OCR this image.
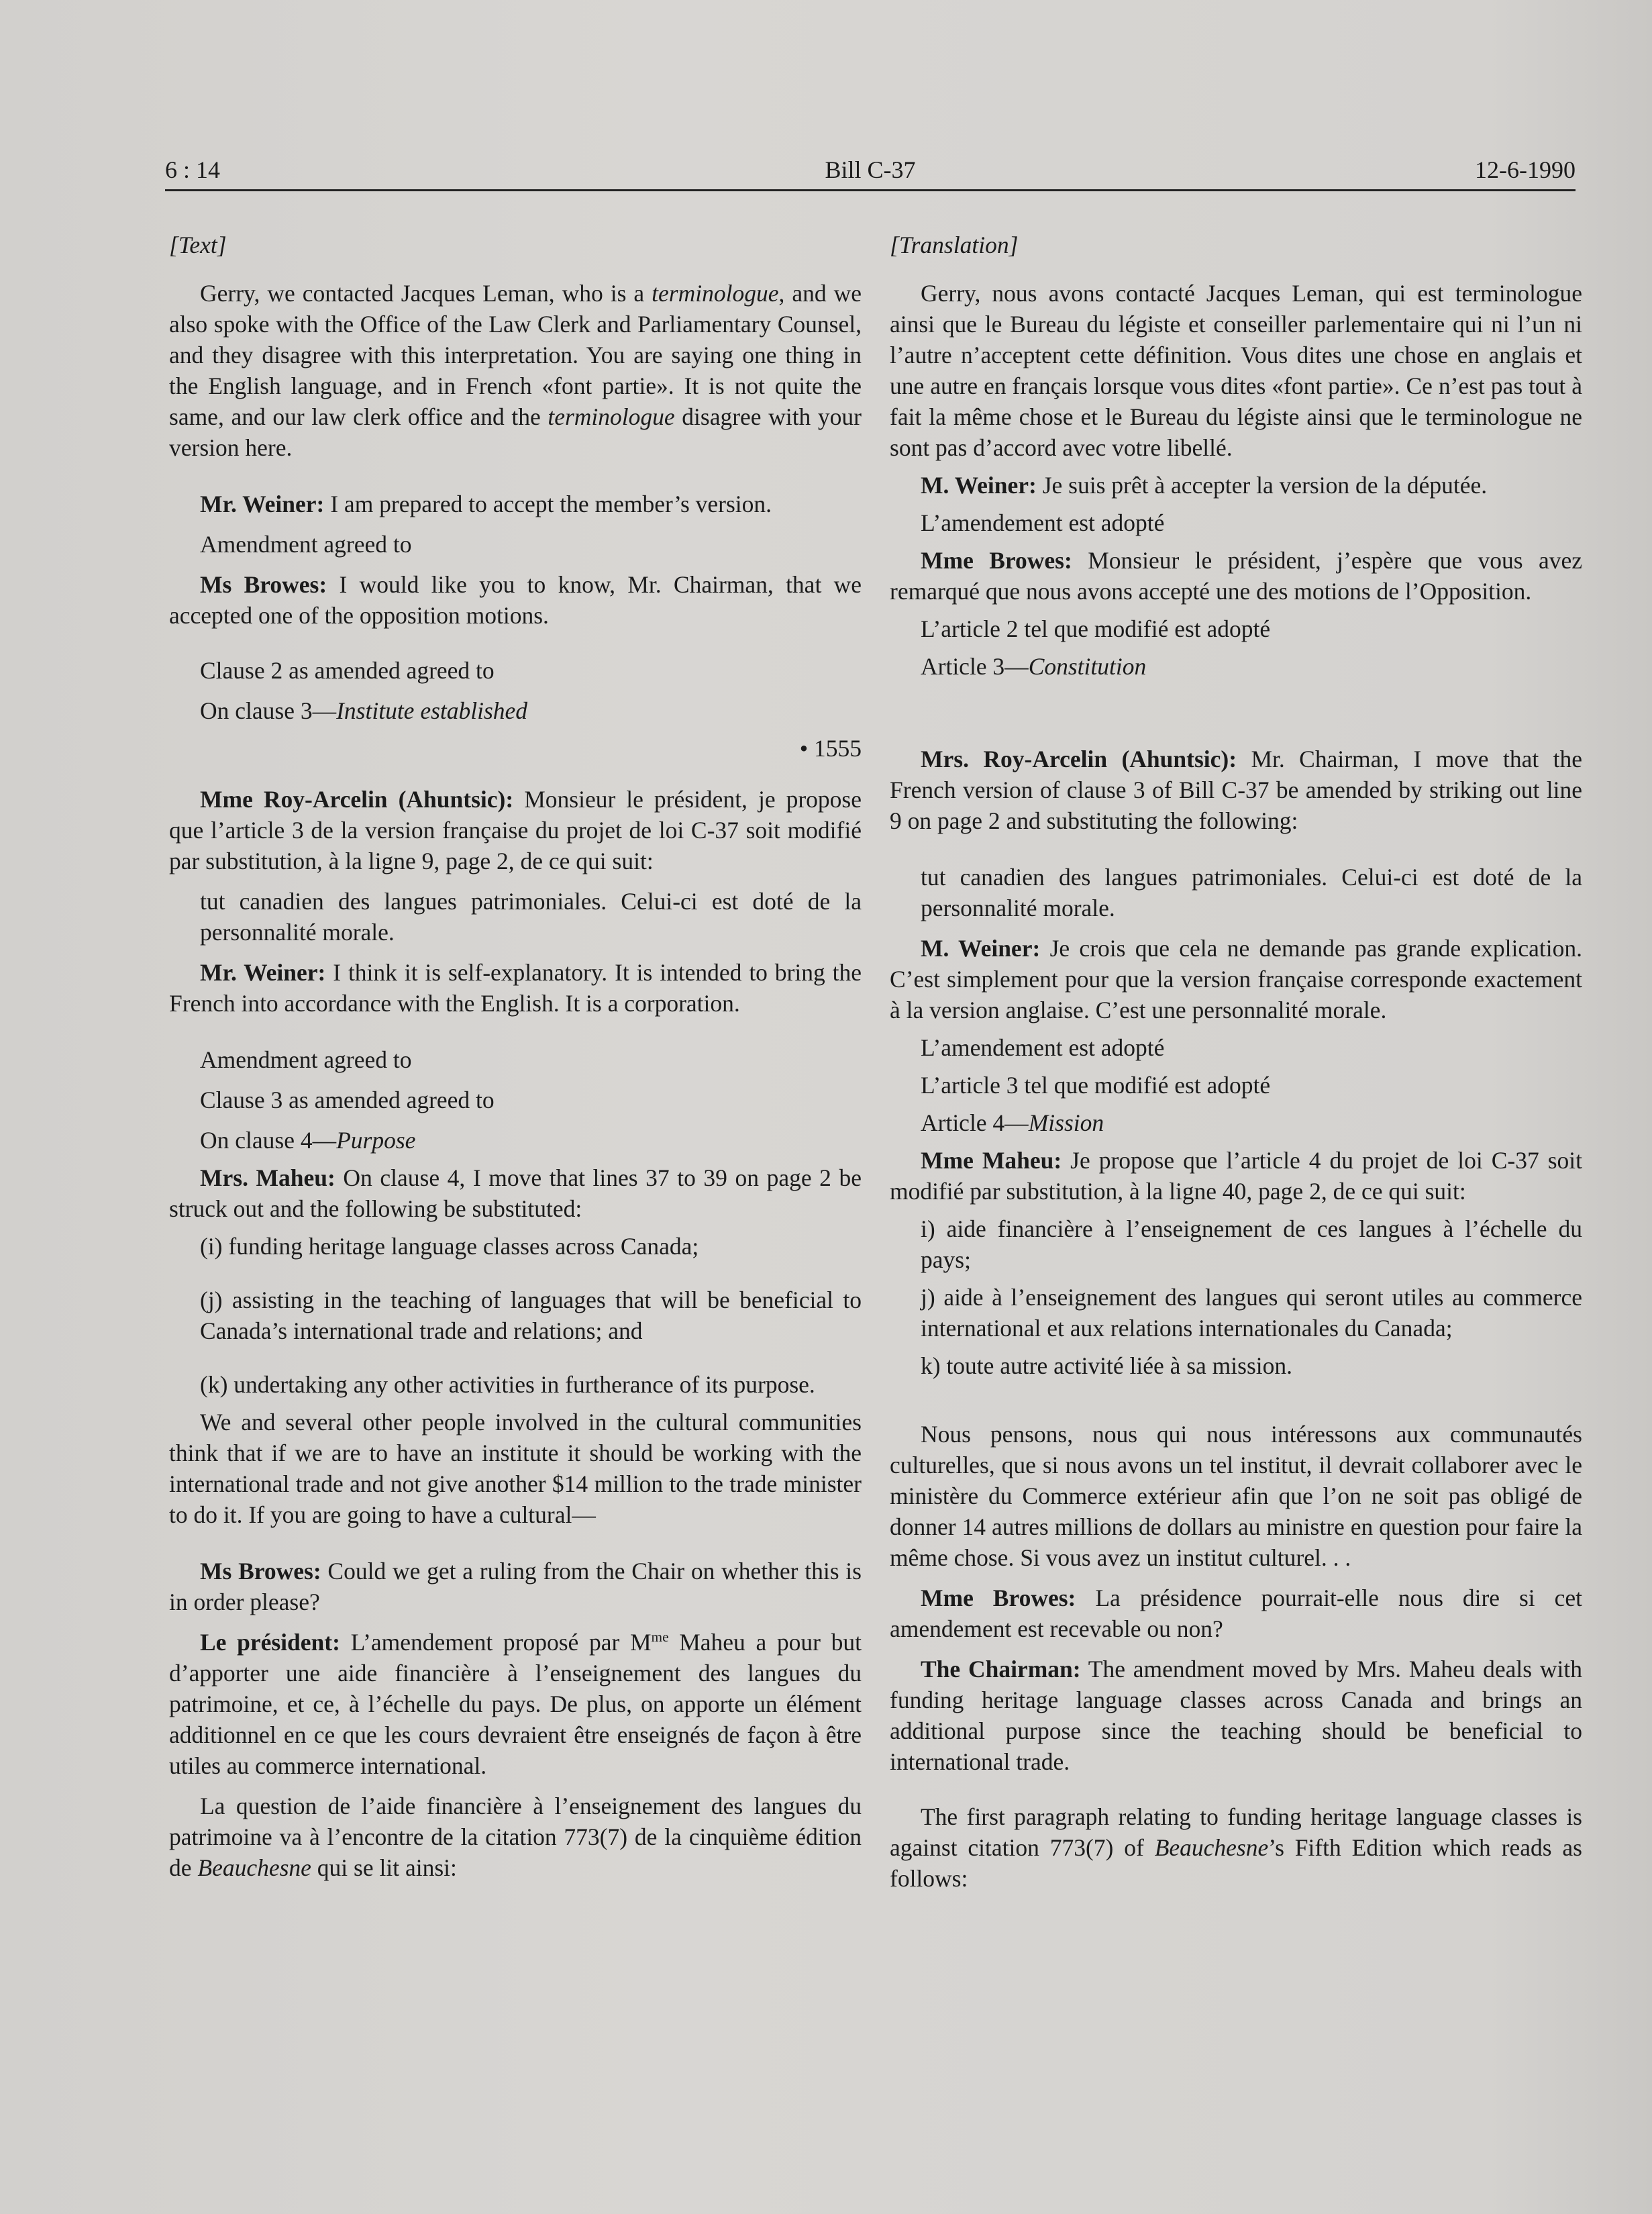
6 : 14	Bill C-37	12-6-1990

[Text]

Gerry, we contacted Jacques Leman, who is a terminologue, and we also spoke with the Office of the Law Clerk and Parliamentary Counsel, and they disagree with this interpretation. You are saying one thing in the English language, and in French «font partie». It is not quite the same, and our law clerk office and the terminologue disagree with your version here.

Mr. Weiner: I am prepared to accept the member’s version.

Amendment agreed to

Ms Browes: I would like you to know, Mr. Chairman, that we accepted one of the opposition motions.

Clause 2 as amended agreed to

On clause 3—Institute established

• 1555

Mme Roy-Arcelin (Ahuntsic): Monsieur le président, je propose que l’article 3 de la version française du projet de loi C-37 soit modifié par substitution, à la ligne 9, page 2, de ce qui suit:

tut canadien des langues patrimoniales. Celui-ci est doté de la personnalité morale.

Mr. Weiner: I think it is self-explanatory. It is intended to bring the French into accordance with the English. It is a corporation.

Amendment agreed to

Clause 3 as amended agreed to

On clause 4—Purpose

Mrs. Maheu: On clause 4, I move that lines 37 to 39 on page 2 be struck out and the following be substituted:

(i) funding heritage language classes across Canada;

(j) assisting in the teaching of languages that will be beneficial to Canada’s international trade and relations; and

(k) undertaking any other activities in furtherance of its purpose.

We and several other people involved in the cultural communities think that if we are to have an institute it should be working with the international trade and not give another $14 million to the trade minister to do it. If you are going to have a cultural—

Ms Browes: Could we get a ruling from the Chair on whether this is in order please?

Le président: L’amendement proposé par $M^{me}$ Maheu a pour but d’apporter une aide financière à l’enseignement des langues du patrimoine, et ce, à l’échelle du pays. De plus, on apporte un élément additionnel en ce que les cours devraient être enseignés de façon à être utiles au commerce international.

La question de l’aide financière à l’enseignement des langues du patrimoine va à l’encontre de la citation 773(7) de la cinquième édition de Beauchesne qui se lit ainsi:

[Translation]

Gerry, nous avons contacté Jacques Leman, qui est terminologue ainsi que le Bureau du légiste et conseiller parlementaire qui ni l’un ni l’autre n’acceptent cette définition. Vous dites une chose en anglais et une autre en français lorsque vous dites «font partie». Ce n’est pas tout à fait la même chose et le Bureau du légiste ainsi que le terminologue ne sont pas d’accord avec votre libellé.

M. Weiner: Je suis prêt à accepter la version de la députée.

L’amendement est adopté

Mme Browes: Monsieur le président, j’espère que vous avez remarqué que nous avons accepté une des motions de l’Opposition.

L’article 2 tel que modifié est adopté

Article 3—Constitution

Mrs. Roy-Arcelin (Ahuntsic): Mr. Chairman, I move that the French version of clause 3 of Bill C-37 be amended by striking out line 9 on page 2 and substituting the following:

tut canadien des langues patrimoniales. Celui-ci est doté de la personnalité morale.

M. Weiner: Je crois que cela ne demande pas grande explication. C’est simplement pour que la version française corresponde exactement à la version anglaise. C’est une personnalité morale.

L’amendement est adopté

L’article 3 tel que modifié est adopté

Article 4—Mission

Mme Maheu: Je propose que l’article 4 du projet de loi C-37 soit modifié par substitution, à la ligne 40, page 2, de ce qui suit:

i) aide financière à l’enseignement de ces langues à l’échelle du pays;

j) aide à l’enseignement des langues qui seront utiles au commerce international et aux relations internationales du Canada;

k) toute autre activité liée à sa mission.

Nous pensons, nous qui nous intéressons aux communautés culturelles, que si nous avons un tel institut, il devrait collaborer avec le ministère du Commerce extérieur afin que l’on ne soit pas obligé de donner 14 autres millions de dollars au ministre en question pour faire la même chose. Si vous avez un institut culturel. . .

Mme Browes: La présidence pourrait-elle nous dire si cet amendement est recevable ou non?

The Chairman: The amendment moved by Mrs. Maheu deals with funding heritage language classes across Canada and brings an additional purpose since the teaching should be beneficial to international trade.

The first paragraph relating to funding heritage language classes is against citation 773(7) of Beauchesne’s Fifth Edition which reads as follows:
